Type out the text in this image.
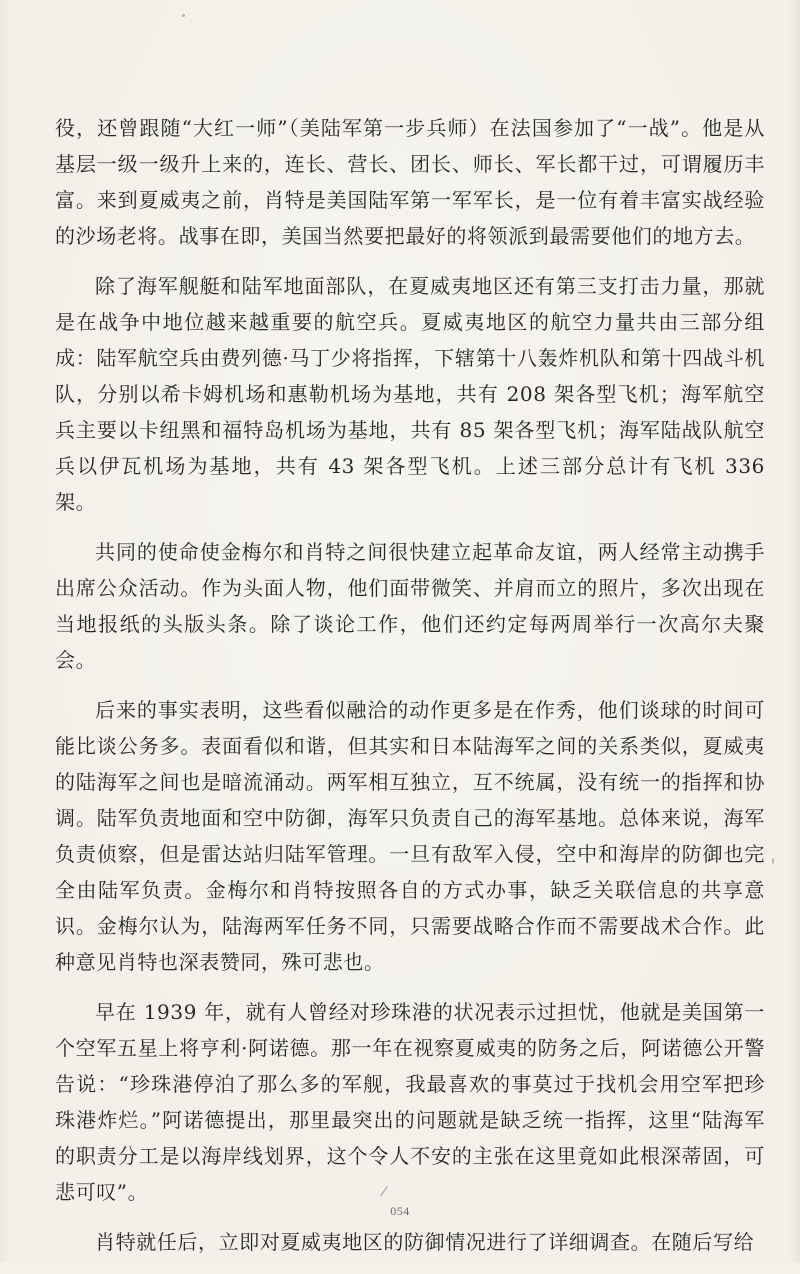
役，还曾跟随“大红一师”（美陆军第一步兵师）在法国参加了“一战”。他是从基层一级一级升上来的，连长、营长、团长、师长、军长都干过，可谓履历丰富。来到夏威夷之前，肖特是美国陆军第一军军长，是一位有着丰富实战经验的沙场老将。战事在即，美国当然要把最好的将领派到最需要他们的地方去。

除了海军舰艇和陆军地面部队，在夏威夷地区还有第三支打击力量，那就是在战争中地位越来越重要的航空兵。夏威夷地区的航空力量共由三部分组成：陆军航空兵由费列德·马丁少将指挥，下辖第十八轰炸机队和第十四战斗机队，分别以希卡姆机场和惠勒机场为基地，共有 208 架各型飞机；海军航空兵主要以卡纽黑和福特岛机场为基地，共有 85 架各型飞机；海军陆战队航空兵以伊瓦机场为基地，共有 43 架各型飞机。上述三部分总计有飞机 336 架。

共同的使命使金梅尔和肖特之间很快建立起革命友谊，两人经常主动携手出席公众活动。作为头面人物，他们面带微笑、并肩而立的照片，多次出现在当地报纸的头版头条。除了谈论工作，他们还约定每两周举行一次高尔夫聚会。

后来的事实表明，这些看似融洽的动作更多是在作秀，他们谈球的时间可能比谈公务多。表面看似和谐，但其实和日本陆海军之间的关系类似，夏威夷的陆海军之间也是暗流涌动。两军相互独立，互不统属，没有统一的指挥和协调。陆军负责地面和空中防御，海军只负责自己的海军基地。总体来说，海军负责侦察，但是雷达站归陆军管理。一旦有敌军入侵，空中和海岸的防御也完全由陆军负责。金梅尔和肖特按照各自的方式办事，缺乏关联信息的共享意识。金梅尔认为，陆海两军任务不同，只需要战略合作而不需要战术合作。此种意见肖特也深表赞同，殊可悲也。

早在 1939 年，就有人曾经对珍珠港的状况表示过担忧，他就是美国第一个空军五星上将亨利·阿诺德。那一年在视察夏威夷的防务之后，阿诺德公开警告说：“珍珠港停泊了那么多的军舰，我最喜欢的事莫过于找机会用空军把珍珠港炸烂。”阿诺德提出，那里最突出的问题就是缺乏统一指挥，这里“陆海军的职责分工是以海岸线划界，这个令人不安的主张在这里竟如此根深蒂固，可悲可叹”。

肖特就任后，立即对夏威夷地区的防御情况进行了详细调查。在随后写给

054
